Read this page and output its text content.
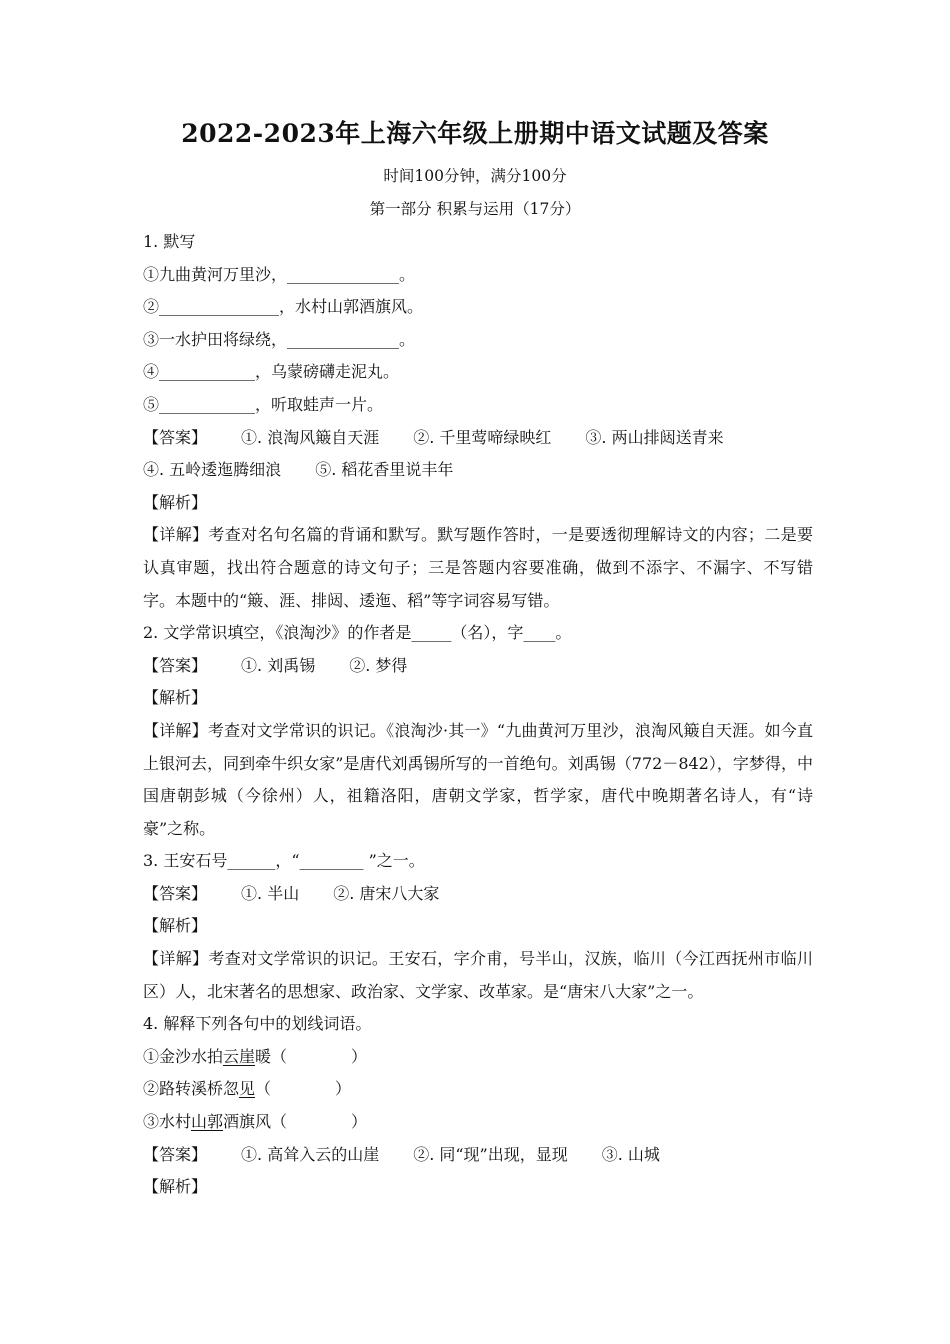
2022-2023年上海六年级上册期中语文试题及答案
时间100分钟，满分100分
第一部分 积累与运用（17分）
1. 默写
①九曲黄河万里沙，______________。
②_______________，水村山郭酒旗风。
③一水护田将绿绕，______________。
④____________，乌蒙磅礴走泥丸。
⑤____________，听取蛙声一片。
【答案】 ①. 浪淘风簸自天涯 ②. 千里莺啼绿映红 ③. 两山排闼送青来
④. 五岭逶迤腾细浪 ⑤. 稻花香里说丰年
【解析】
【详解】考查对名句名篇的背诵和默写。默写题作答时，一是要透彻理解诗文的内容；二是要认真审题，找出符合题意的诗文句子；三是答题内容要准确，做到不添字、不漏字、不写错字。本题中的“簸、涯、排闼、逶迤、稻”等字词容易写错。
2. 文学常识填空，《浪淘沙》的作者是_____（名），字____。
【答案】 ①. 刘禹锡 ②. 梦得
【解析】
【详解】考查对文学常识的识记。《浪淘沙·其一》“九曲黄河万里沙，浪淘风簸自天涯。如今直上银河去，同到牵牛织女家”是唐代刘禹锡所写的一首绝句。刘禹锡（772－842），字梦得，中国唐朝彭城（今徐州）人，祖籍洛阳，唐朝文学家，哲学家，唐代中晚期著名诗人，有“诗豪”之称。
3. 王安石号______，“________ ”之一。
【答案】 ①. 半山 ②. 唐宋八大家
【解析】
【详解】考查对文学常识的识记。王安石，字介甫，号半山，汉族，临川（今江西抚州市临川区）人，北宋著名的思想家、政治家、文学家、改革家。是“唐宋八大家”之一。
4. 解释下列各句中的划线词语。
①金沙水拍云崖暖（　　　　）
②路转溪桥忽见（　　　　）
③水村山郭酒旗风（　　　　）
【答案】 ①. 高耸入云的山崖 ②. 同“现”出现，显现 ③. 山城
【解析】
